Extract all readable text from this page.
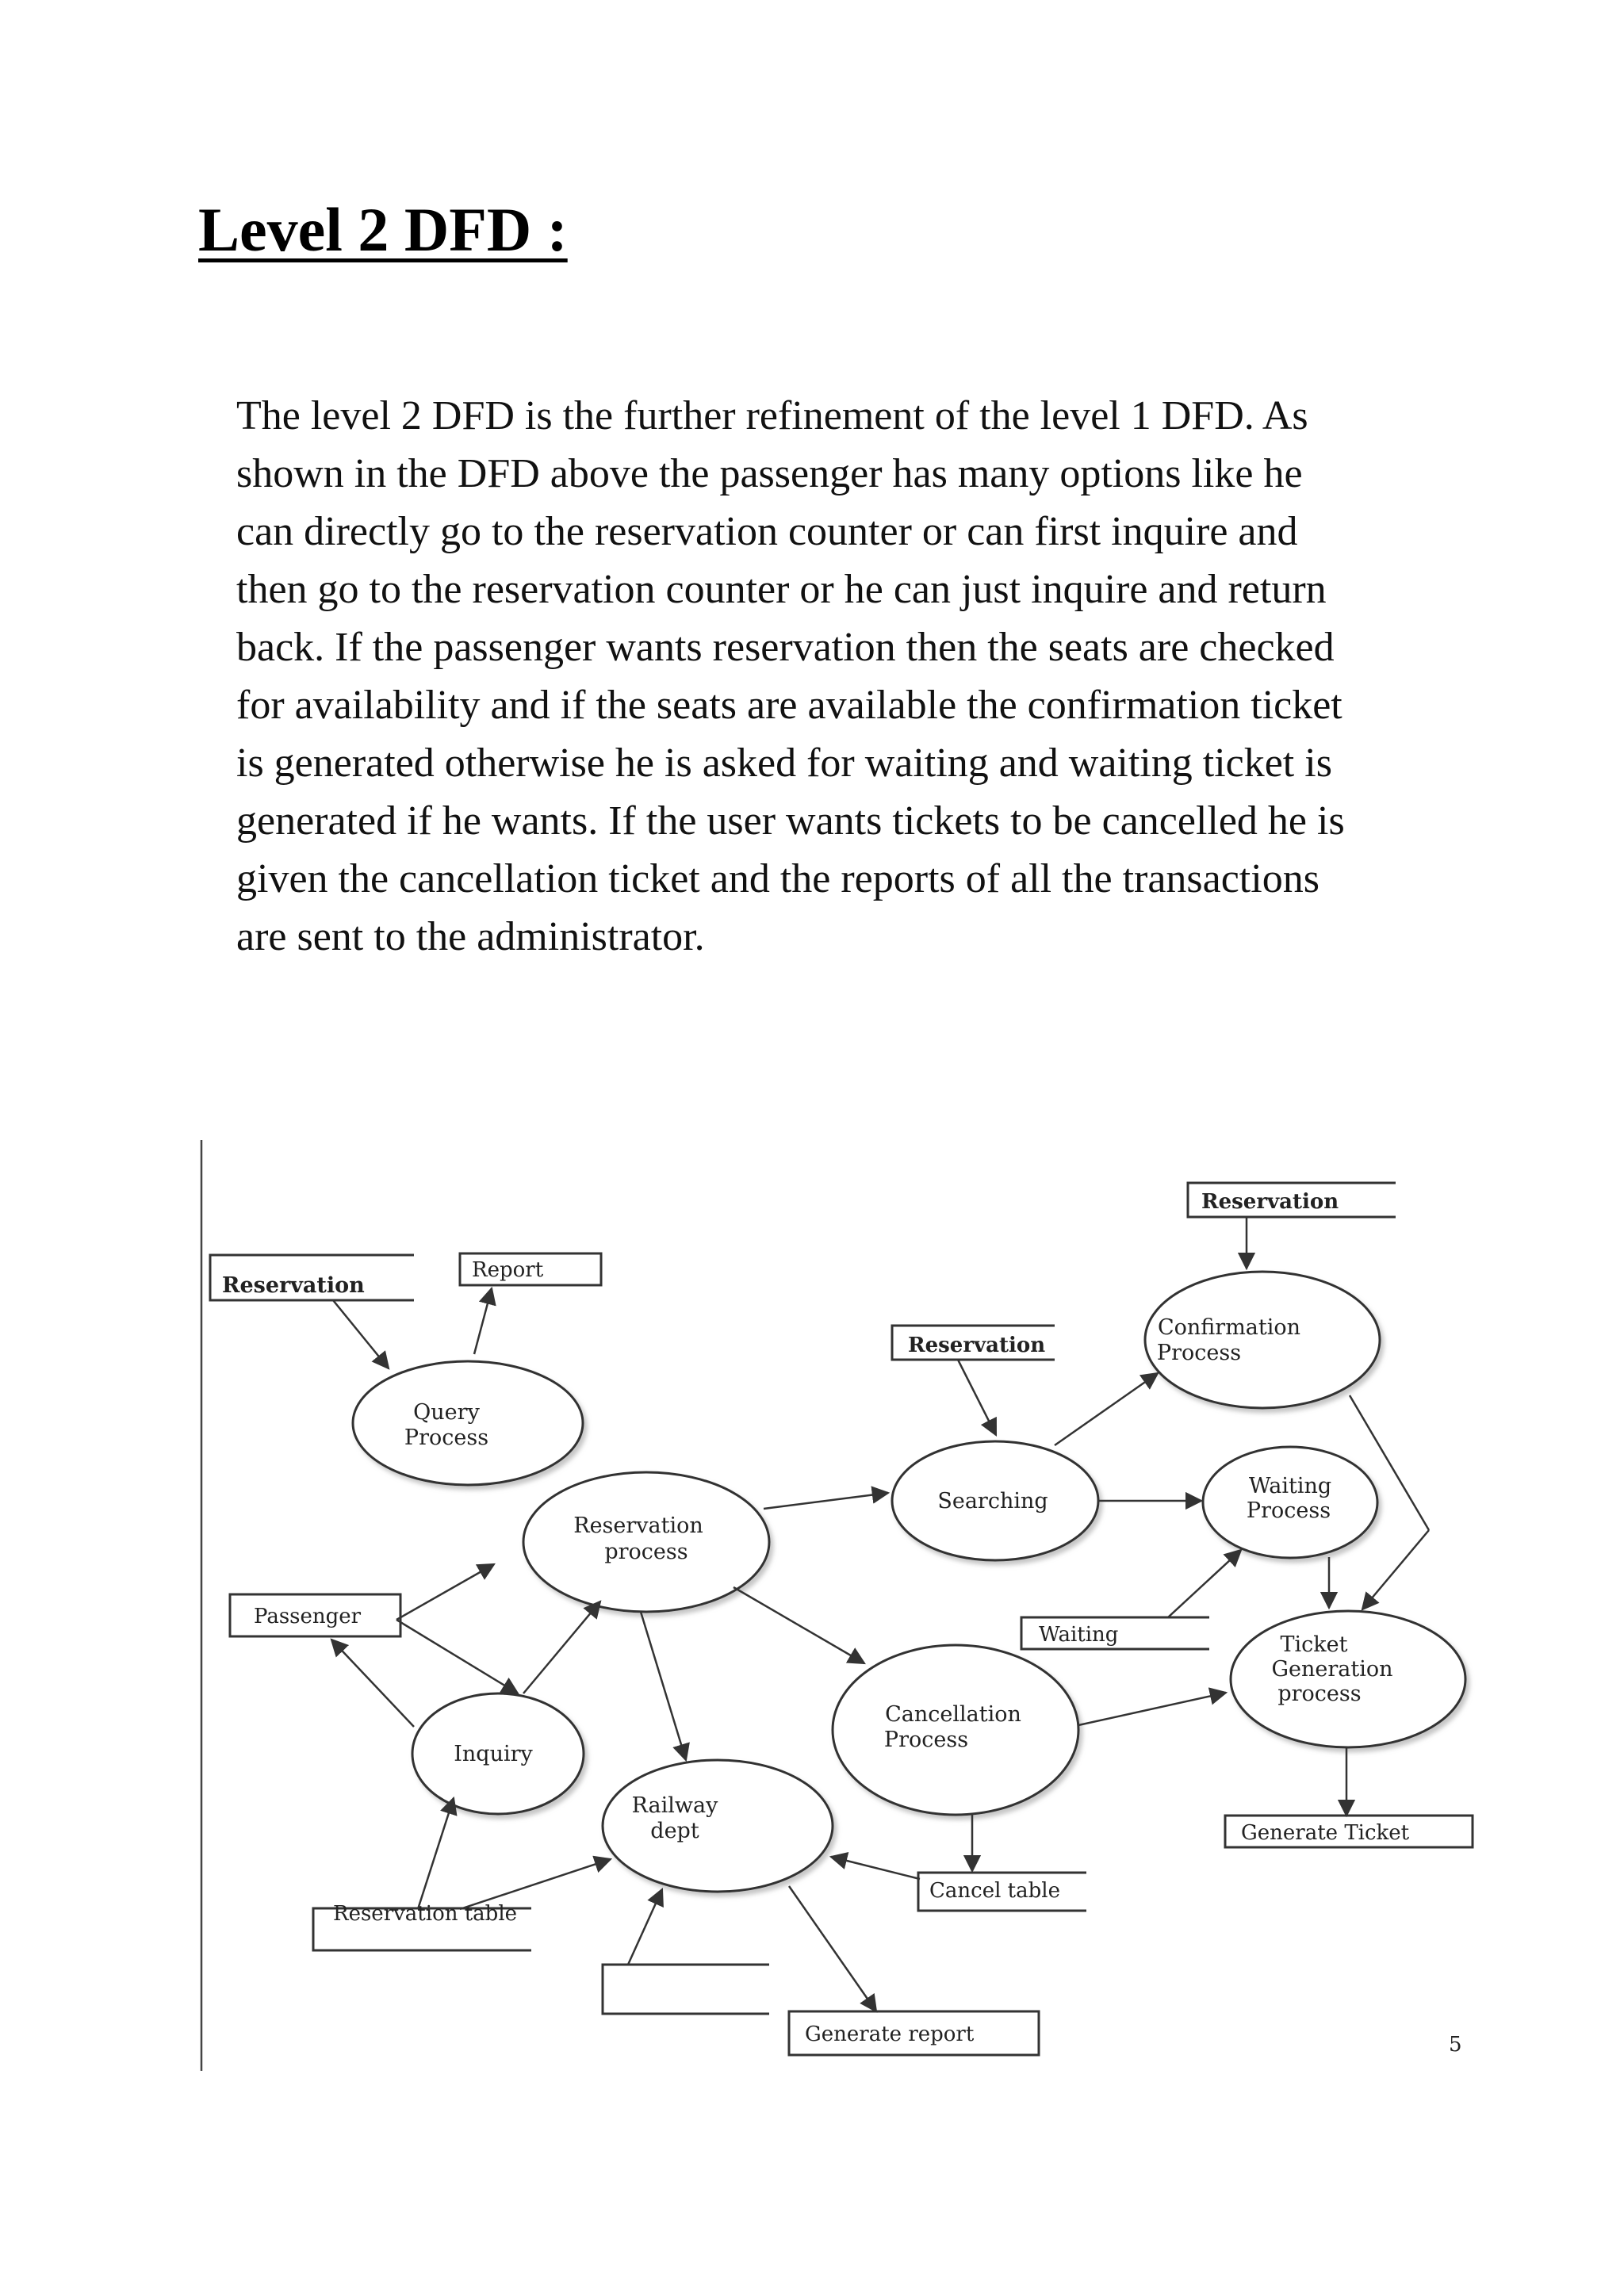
Level 2 DFD :

The level 2 DFD is the further refinement of the level 1 DFD. As
shown in the DFD above the passenger has many options like he
can directly go to the reservation counter or can first inquire and
then go to the reservation counter or he can just inquire and return
back. If the passenger wants reservation then the seats are checked
for availability and if the seats are available the confirmation ticket
is generated otherwise he is asked for waiting and waiting ticket is
generated if he wants. If the user wants tickets to be cancelled he is
given the cancellation ticket and the reports of all the transactions
are sent to the administrator.

Query
Process
Reservation
process
Inquiry
Railway
dept
Searching
Confirmation
Process
Waiting
Process
Cancellation
Process
Ticket
Generation
process
Reservation
Report
Passenger
Reservation
Reservation
Waiting
Reservation table
Cancel table
Generate Ticket
Generate report	5
